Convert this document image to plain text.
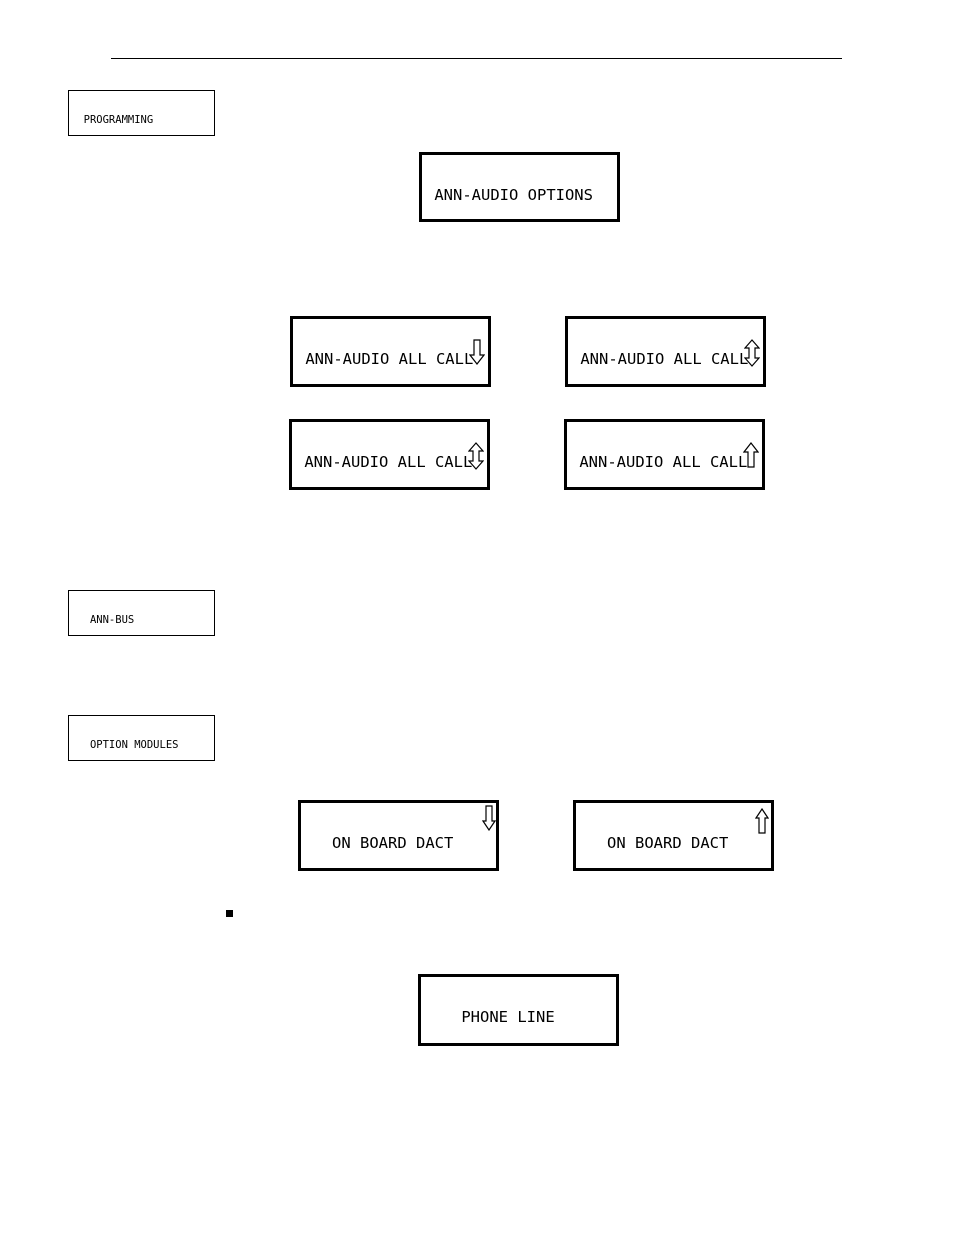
PROGRAMMING

ANN-AUDIO OPTIONS

ANN-AUDIO ALL CALL

	ANN-AUDIO ALL CALL

ANN-AUDIO ALL CALL

	ANN-AUDIO ALL CALL

ANN-BUS

OPTION MODULES

ON BOARD DACT

	ON BOARD DACT

PHONE LINE
